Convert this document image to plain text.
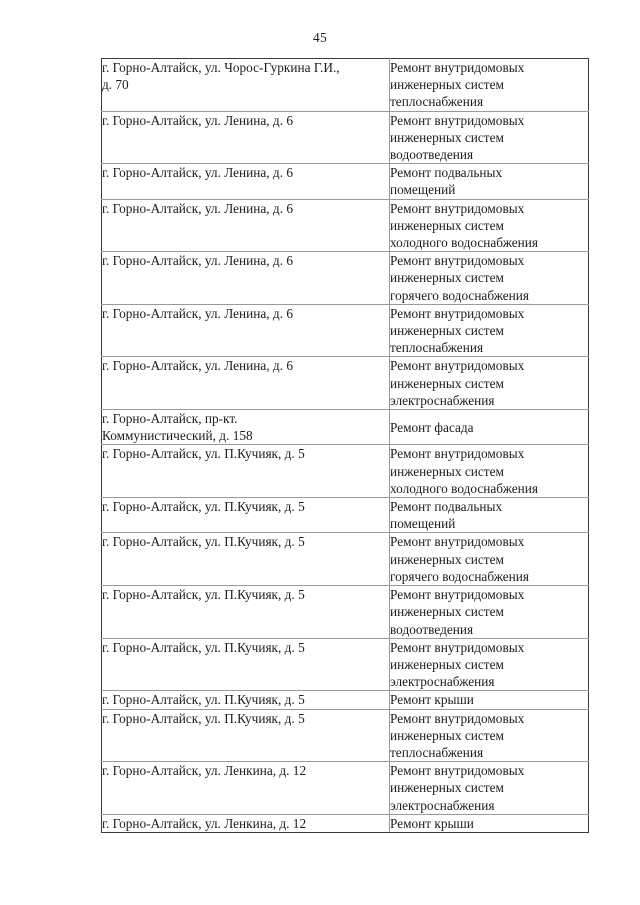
45
г. Горно-Алтайск, ул. Чорос-Гуркина Г.И.,
д. 70	Ремонт внутридомовых
инженерных систем
теплоснабжения

г. Горно-Алтайск, ул. Ленина, д. 6	Ремонт внутридомовых
инженерных систем
водоотведения

г. Горно-Алтайск, ул. Ленина, д. 6	Ремонт подвальных
помещений

г. Горно-Алтайск, ул. Ленина, д. 6	Ремонт внутридомовых
инженерных систем
холодного водоснабжения

г. Горно-Алтайск, ул. Ленина, д. 6	Ремонт внутридомовых
инженерных систем
горячего водоснабжения

г. Горно-Алтайск, ул. Ленина, д. 6	Ремонт внутридомовых
инженерных систем
теплоснабжения

г. Горно-Алтайск, ул. Ленина, д. 6	Ремонт внутридомовых
инженерных систем
электроснабжения

г. Горно-Алтайск, пр-кт.
Коммунистический, д. 158	Ремонт фасада

г. Горно-Алтайск, ул. П.Кучияк, д. 5	Ремонт внутридомовых
инженерных систем
холодного водоснабжения

г. Горно-Алтайск, ул. П.Кучияк, д. 5	Ремонт подвальных
помещений

г. Горно-Алтайск, ул. П.Кучияк, д. 5	Ремонт внутридомовых
инженерных систем
горячего водоснабжения

г. Горно-Алтайск, ул. П.Кучияк, д. 5	Ремонт внутридомовых
инженерных систем
водоотведения

г. Горно-Алтайск, ул. П.Кучияк, д. 5	Ремонт внутридомовых
инженерных систем
электроснабжения

г. Горно-Алтайск, ул. П.Кучияк, д. 5	Ремонт крыши

г. Горно-Алтайск, ул. П.Кучияк, д. 5	Ремонт внутридомовых
инженерных систем
теплоснабжения

г. Горно-Алтайск, ул. Ленкина, д. 12	Ремонт внутридомовых
инженерных систем
электроснабжения

г. Горно-Алтайск, ул. Ленкина, д. 12	Ремонт крыши
